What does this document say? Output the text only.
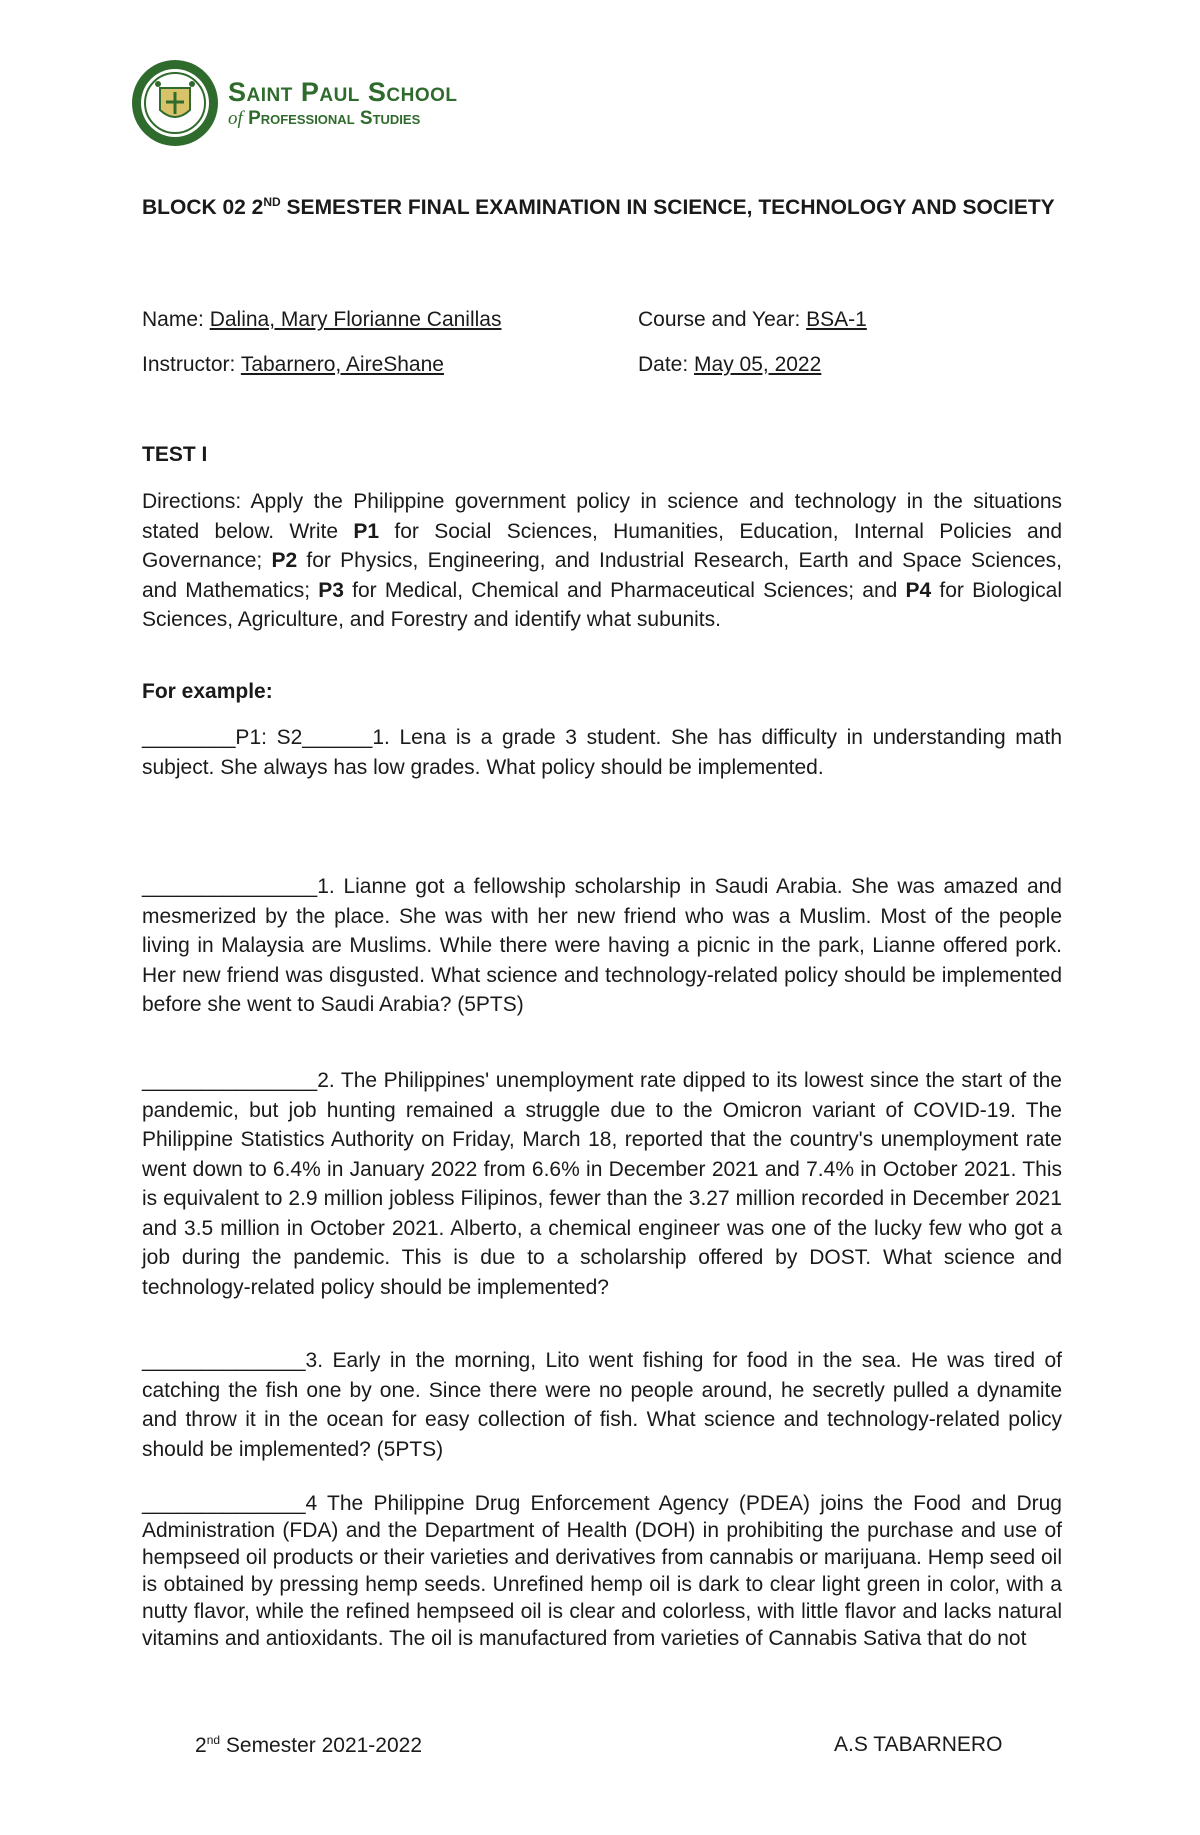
Saint Paul School
of Professional Studies
BLOCK 02 2ND SEMESTER FINAL EXAMINATION IN SCIENCE, TECHNOLOGY AND SOCIETY
Name: Dalina, Mary Florianne Canillas	Course and Year: BSA-1
Instructor: Tabarnero, AireShane	Date: May 05, 2022
TEST I
Directions: Apply the Philippine government policy in science and technology in the situations stated below. Write P1 for Social Sciences, Humanities, Education, Internal Policies and Governance; P2 for Physics, Engineering, and Industrial Research, Earth and Space Sciences, and Mathematics; P3 for Medical, Chemical and Pharmaceutical Sciences; and P4 for Biological Sciences, Agriculture, and Forestry and identify what subunits.
For example:
________P1: S2______1. Lena is a grade 3 student. She has difficulty in understanding math subject. She always has low grades. What policy should be implemented.
_______________1. Lianne got a fellowship scholarship in Saudi Arabia. She was amazed and mesmerized by the place. She was with her new friend who was a Muslim. Most of the people living in Malaysia are Muslims. While there were having a picnic in the park, Lianne offered pork. Her new friend was disgusted. What science and technology-related policy should be implemented before she went to Saudi Arabia? (5PTS)
_______________2. The Philippines' unemployment rate dipped to its lowest since the start of the pandemic, but job hunting remained a struggle due to the Omicron variant of COVID-19. The Philippine Statistics Authority on Friday, March 18, reported that the country's unemployment rate went down to 6.4% in January 2022 from 6.6% in December 2021 and 7.4% in October 2021. This is equivalent to 2.9 million jobless Filipinos, fewer than the 3.27 million recorded in December 2021 and 3.5 million in October 2021. Alberto, a chemical engineer was one of the lucky few who got a job during the pandemic. This is due to a scholarship offered by DOST. What science and technology-related policy should be implemented?
______________3. Early in the morning, Lito went fishing for food in the sea. He was tired of catching the fish one by one. Since there were no people around, he secretly pulled a dynamite and throw it in the ocean for easy collection of fish. What science and technology-related policy should be implemented? (5PTS)
______________4 The Philippine Drug Enforcement Agency (PDEA) joins the Food and Drug Administration (FDA) and the Department of Health (DOH) in prohibiting the purchase and use of hempseed oil products or their varieties and derivatives from cannabis or marijuana. Hemp seed oil is obtained by pressing hemp seeds. Unrefined hemp oil is dark to clear light green in color, with a nutty flavor, while the refined hempseed oil is clear and colorless, with little flavor and lacks natural vitamins and antioxidants. The oil is manufactured from varieties of Cannabis Sativa that do not
2nd Semester 2021-2022	A.S TABARNERO
